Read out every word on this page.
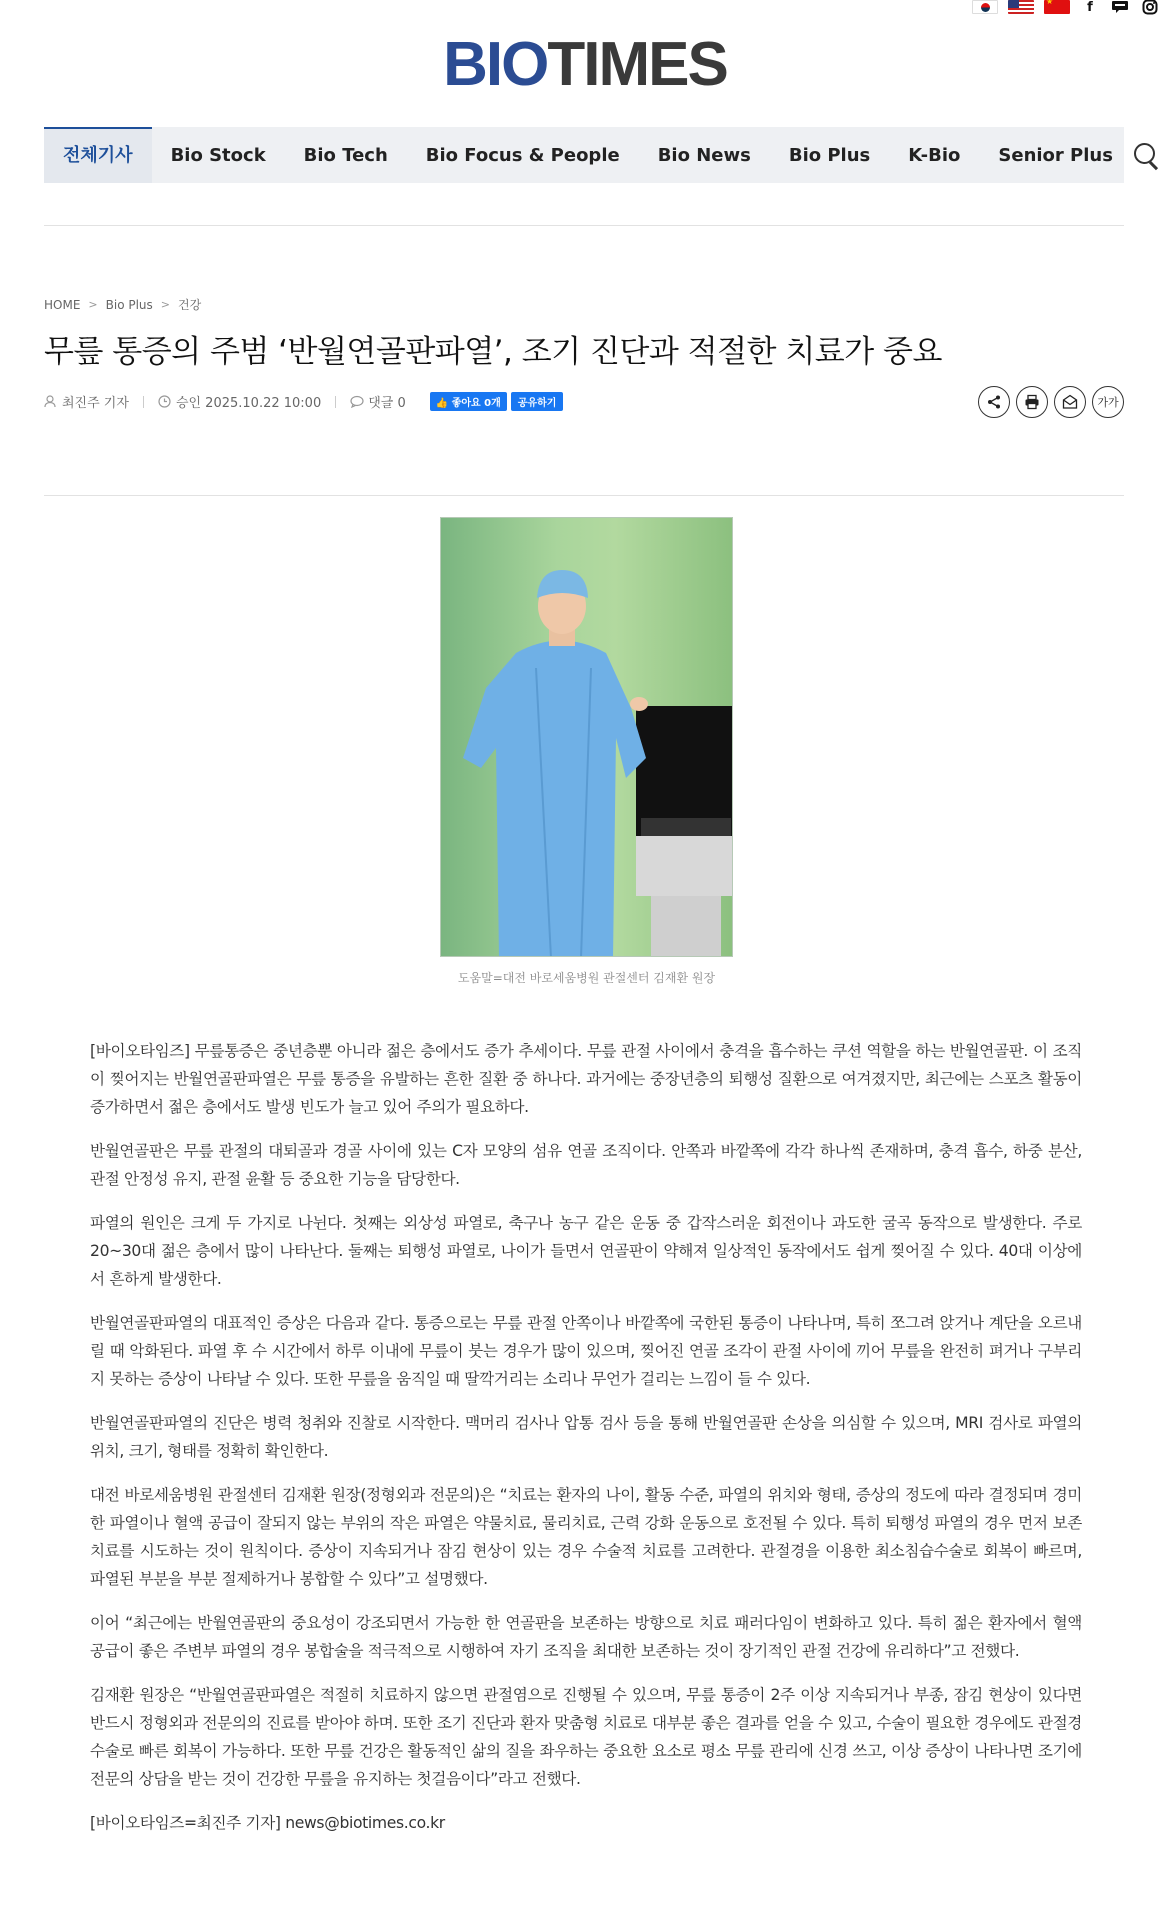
★
f
BIOTIMES
전체기사	Bio Stock	Bio Tech	Bio Focus & People	Bio News	Bio Plus	K-Bio	Senior Plus
HOME > Bio Plus > 건강
무릎 통증의 주범 ‘반월연골판파열’, 조기 진단과 적절한 치료가 중요
최진주 기자	승인 2025.10.22 10:00	댓글 0	👍 좋아요 0개	공유하기	가가
도움말=대전 바로세움병원 관절센터 김재환 원장

[바이오타임즈] 무릎통증은 중년층뿐 아니라 젊은 층에서도 증가 추세이다. 무릎 관절 사이에서 충격을 흡수하는 쿠션 역할을 하는 반월연골판. 이 조직이 찢어지는 반월연골판파열은 무릎 통증을 유발하는 흔한 질환 중 하나다. 과거에는 중장년층의 퇴행성 질환으로 여겨졌지만, 최근에는 스포츠 활동이 증가하면서 젊은 층에서도 발생 빈도가 늘고 있어 주의가 필요하다.

반월연골판은 무릎 관절의 대퇴골과 경골 사이에 있는 C자 모양의 섬유 연골 조직이다. 안쪽과 바깥쪽에 각각 하나씩 존재하며, 충격 흡수, 하중 분산, 관절 안정성 유지, 관절 윤활 등 중요한 기능을 담당한다.

파열의 원인은 크게 두 가지로 나뉜다. 첫째는 외상성 파열로, 축구나 농구 같은 운동 중 갑작스러운 회전이나 과도한 굴곡 동작으로 발생한다. 주로 20~30대 젊은 층에서 많이 나타난다. 둘째는 퇴행성 파열로, 나이가 들면서 연골판이 약해져 일상적인 동작에서도 쉽게 찢어질 수 있다. 40대 이상에서 흔하게 발생한다.

반월연골판파열의 대표적인 증상은 다음과 같다. 통증으로는 무릎 관절 안쪽이나 바깥쪽에 국한된 통증이 나타나며, 특히 쪼그려 앉거나 계단을 오르내릴 때 악화된다. 파열 후 수 시간에서 하루 이내에 무릎이 붓는 경우가 많이 있으며, 찢어진 연골 조각이 관절 사이에 끼어 무릎을 완전히 펴거나 구부리지 못하는 증상이 나타날 수 있다. 또한 무릎을 움직일 때 딸깍거리는 소리나 무언가 걸리는 느낌이 들 수 있다.

반월연골판파열의 진단은 병력 청취와 진찰로 시작한다. 맥머리 검사나 압통 검사 등을 통해 반월연골판 손상을 의심할 수 있으며, MRI 검사로 파열의 위치, 크기, 형태를 정확히 확인한다.

대전 바로세움병원 관절센터 김재환 원장(정형외과 전문의)은 “치료는 환자의 나이, 활동 수준, 파열의 위치와 형태, 증상의 정도에 따라 결정되며 경미한 파열이나 혈액 공급이 잘되지 않는 부위의 작은 파열은 약물치료, 물리치료, 근력 강화 운동으로 호전될 수 있다. 특히 퇴행성 파열의 경우 먼저 보존 치료를 시도하는 것이 원칙이다. 증상이 지속되거나 잠김 현상이 있는 경우 수술적 치료를 고려한다. 관절경을 이용한 최소침습수술로 회복이 빠르며, 파열된 부분을 부분 절제하거나 봉합할 수 있다”고 설명했다.

이어 “최근에는 반월연골판의 중요성이 강조되면서 가능한 한 연골판을 보존하는 방향으로 치료 패러다임이 변화하고 있다. 특히 젊은 환자에서 혈액 공급이 좋은 주변부 파열의 경우 봉합술을 적극적으로 시행하여 자기 조직을 최대한 보존하는 것이 장기적인 관절 건강에 유리하다”고 전했다.

김재환 원장은 “반월연골판파열은 적절히 치료하지 않으면 관절염으로 진행될 수 있으며, 무릎 통증이 2주 이상 지속되거나 부종, 잠김 현상이 있다면 반드시 정형외과 전문의의 진료를 받아야 하며. 또한 조기 진단과 환자 맞춤형 치료로 대부분 좋은 결과를 얻을 수 있고, 수술이 필요한 경우에도 관절경 수술로 빠른 회복이 가능하다. 또한 무릎 건강은 활동적인 삶의 질을 좌우하는 중요한 요소로 평소 무릎 관리에 신경 쓰고, 이상 증상이 나타나면 조기에 전문의 상담을 받는 것이 건강한 무릎을 유지하는 첫걸음이다”라고 전했다.

[바이오타임즈=최진주 기자] news@biotimes.co.kr
